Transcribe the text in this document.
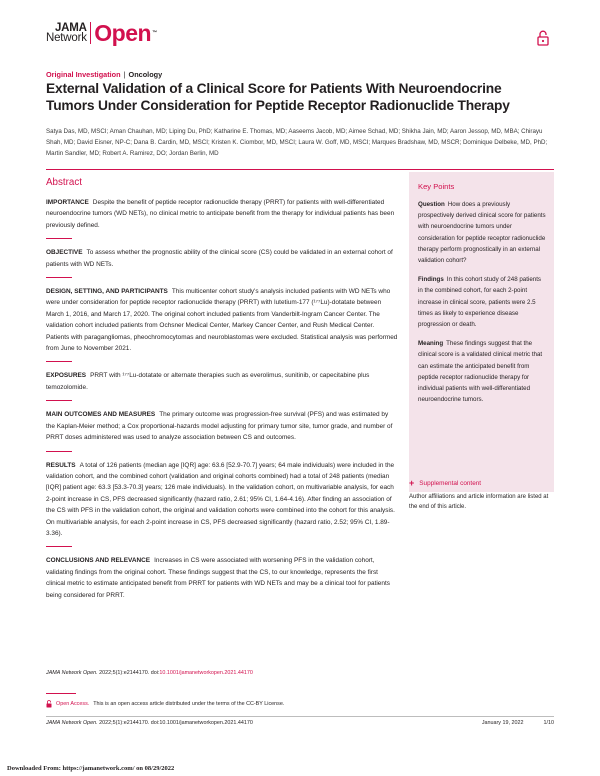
JAMA
Network Open™
Original Investigation | Oncology
External Validation of a Clinical Score for Patients With Neuroendocrine Tumors Under Consideration for Peptide Receptor Radionuclide Therapy

Satya Das, MD, MSCI; Aman Chauhan, MD; Liping Du, PhD; Katharine E. Thomas, MD; Aaseems Jacob, MD; Aimee Schad, MD; Shikha Jain, MD; Aaron Jessop, MD, MBA; Chirayu Shah, MD; David Eisner, NP-C; Dana B. Cardin, MD, MSCI; Kristen K. Ciombor, MD, MSCI; Laura W. Goff, MD, MSCI; Marques Bradshaw, MD, MSCR; Dominique Delbeke, MD, PhD; Martin Sandler, MD; Robert A. Ramirez, DO; Jordan Berlin, MD

Abstract

IMPORTANCE Despite the benefit of peptide receptor radionuclide therapy (PRRT) for patients with well-differentiated neuroendocrine tumors (WD NETs), no clinical metric to anticipate benefit from the therapy for individual patients has been previously defined.

OBJECTIVE To assess whether the prognostic ability of the clinical score (CS) could be validated in an external cohort of patients with WD NETs.

DESIGN, SETTING, AND PARTICIPANTS This multicenter cohort study's analysis included patients with WD NETs who were under consideration for peptide receptor radionuclide therapy (PRRT) with lutetium-177 (¹⁷⁷Lu)-dotatate between March 1, 2016, and March 17, 2020. The original cohort included patients from Vanderbilt-Ingram Cancer Center. The validation cohort included patients from Ochsner Medical Center, Markey Cancer Center, and Rush Medical Center. Patients with paragangliomas, pheochromocytomas and neuroblastomas were excluded. Statistical analysis was performed from June to November 2021.

EXPOSURES PRRT with ¹⁷⁷Lu-dotatate or alternate therapies such as everolimus, sunitinib, or capecitabine plus temozolomide.

MAIN OUTCOMES AND MEASURES The primary outcome was progression-free survival (PFS) and was estimated by the Kaplan-Meier method; a Cox proportional-hazards model adjusting for primary tumor site, tumor grade, and number of PRRT doses administered was used to analyze association between CS and outcomes.

RESULTS A total of 126 patients (median age [IQR] age: 63.6 [52.9-70.7] years; 64 male individuals) were included in the validation cohort, and the combined cohort (validation and original cohorts combined) had a total of 248 patients (median [IQR] patient age: 63.3 [53.3-70.3] years; 126 male individuals). In the validation cohort, on multivariable analysis, for each 2-point increase in CS, PFS decreased significantly (hazard ratio, 2.61; 95% CI, 1.64-4.16). After finding an association of the CS with PFS in the validation cohort, the original and validation cohorts were combined into the cohort for this analysis. On multivariable analysis, for each 2-point increase in CS, PFS decreased significantly (hazard ratio, 2.52; 95% CI, 1.89-3.36).

CONCLUSIONS AND RELEVANCE Increases in CS were associated with worsening PFS in the validation cohort, validating findings from the original cohort. These findings suggest that the CS, to our knowledge, represents the first clinical metric to estimate anticipated benefit from PRRT for patients with WD NETs and may be a clinical tool for patients being considered for PRRT.

Key Points

Question How does a previously prospectively derived clinical score for patients with neuroendocrine tumors under consideration for peptide receptor radionuclide therapy perform prognostically in an external validation cohort?

Findings In this cohort study of 248 patients in the combined cohort, for each 2-point increase in clinical score, patients were 2.5 times as likely to experience disease progression or death.

Meaning These findings suggest that the clinical score is a validated clinical metric that can estimate the anticipated benefit from peptide receptor radionuclide therapy for individual patients with well-differentiated neuroendocrine tumors.

+ Supplemental content

Author affiliations and article information are listed at the end of this article.

JAMA Network Open. 2022;5(1):e2144170. doi:10.1001/jamanetworkopen.2021.44170

Open Access. This is an open access article distributed under the terms of the CC-BY License.

JAMA Network Open. 2022;5(1):e2144170. doi:10.1001/jamanetworkopen.2021.44170	January 19, 2022	1/10

Downloaded From: https://jamanetwork.com/ on 08/29/2022
